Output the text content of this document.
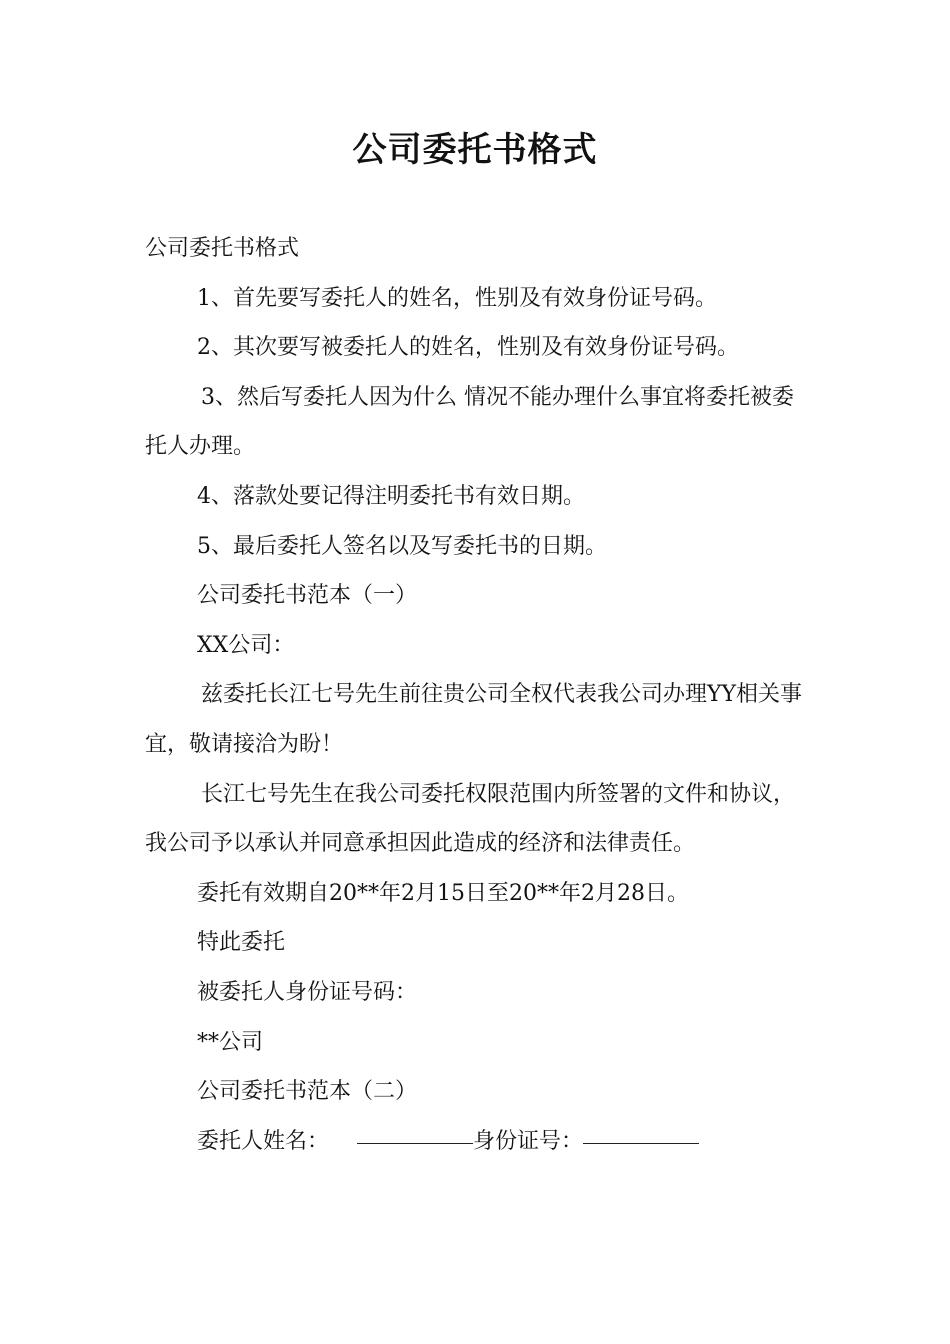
公司委托书格式

公司委托书格式

1、首先要写委托人的姓名，性别及有效身份证号码。

2、其次要写被委托人的姓名，性别及有效身份证号码。

3、然后写委托人因为什么 情况不能办理什么事宜将委托被委托人办理。

4、落款处要记得注明委托书有效日期。

5、最后委托人签名以及写委托书的日期。

公司委托书范本（一）

XX公司：

兹委托长江七号先生前往贵公司全权代表我公司办理YY相关事宜，敬请接洽为盼！

长江七号先生在我公司委托权限范围内所签署的文件和协议，我公司予以承认并同意承担因此造成的经济和法律责任。

委托有效期自20**年2月15日至20**年2月28日。

特此委托

被委托人身份证号码：

**公司

公司委托书范本（二）

委托人姓名：	身份证号：
